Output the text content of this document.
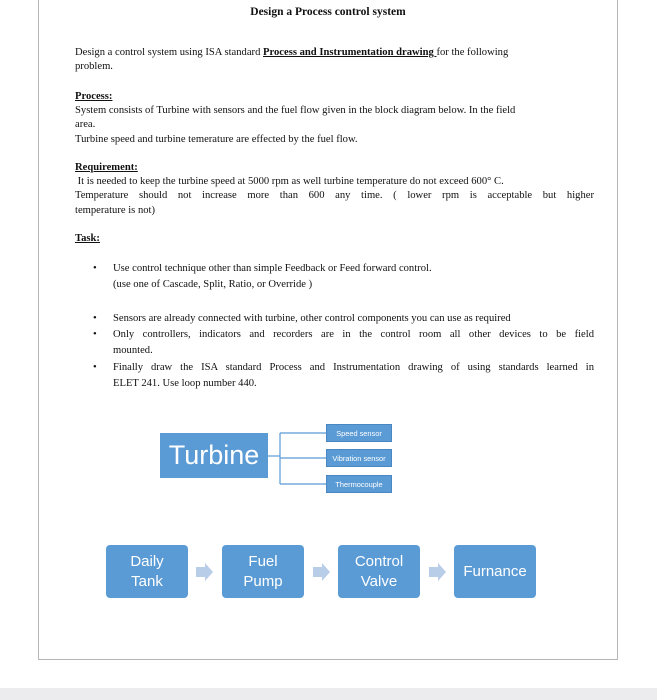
Design a Process control system
Design a control system using ISA standard Process and Instrumentation drawing for the following
problem.
Process:
System consists of Turbine with sensors and the fuel flow given in the block diagram below. In the field
area.
Turbine speed and turbine temerature are effected by the fuel flow.
Requirement:
It is needed to keep the turbine speed at 5000 rpm as well turbine temperature do not exceed 600° C.
Temperature should not increase more than 600 any time. ( lower rpm is acceptable but higher
temperature is not)
Task:
• Use control technique other than simple Feedback or Feed forward control.
(use one of Cascade, Split, Ratio, or Override )
• Sensors are already connected with turbine, other control components you can use as required
• Only controllers, indicators and recorders are in the control room all other devices to be field
mounted.
• Finally draw the ISA standard Process and Instrumentation drawing of using standards learned in
ELET 241. Use loop number 440.
Turbine
Speed sensor
Vibration sensor
Thermocouple
Daily
Tank
Fuel
Pump
Control
Valve
Furnance
